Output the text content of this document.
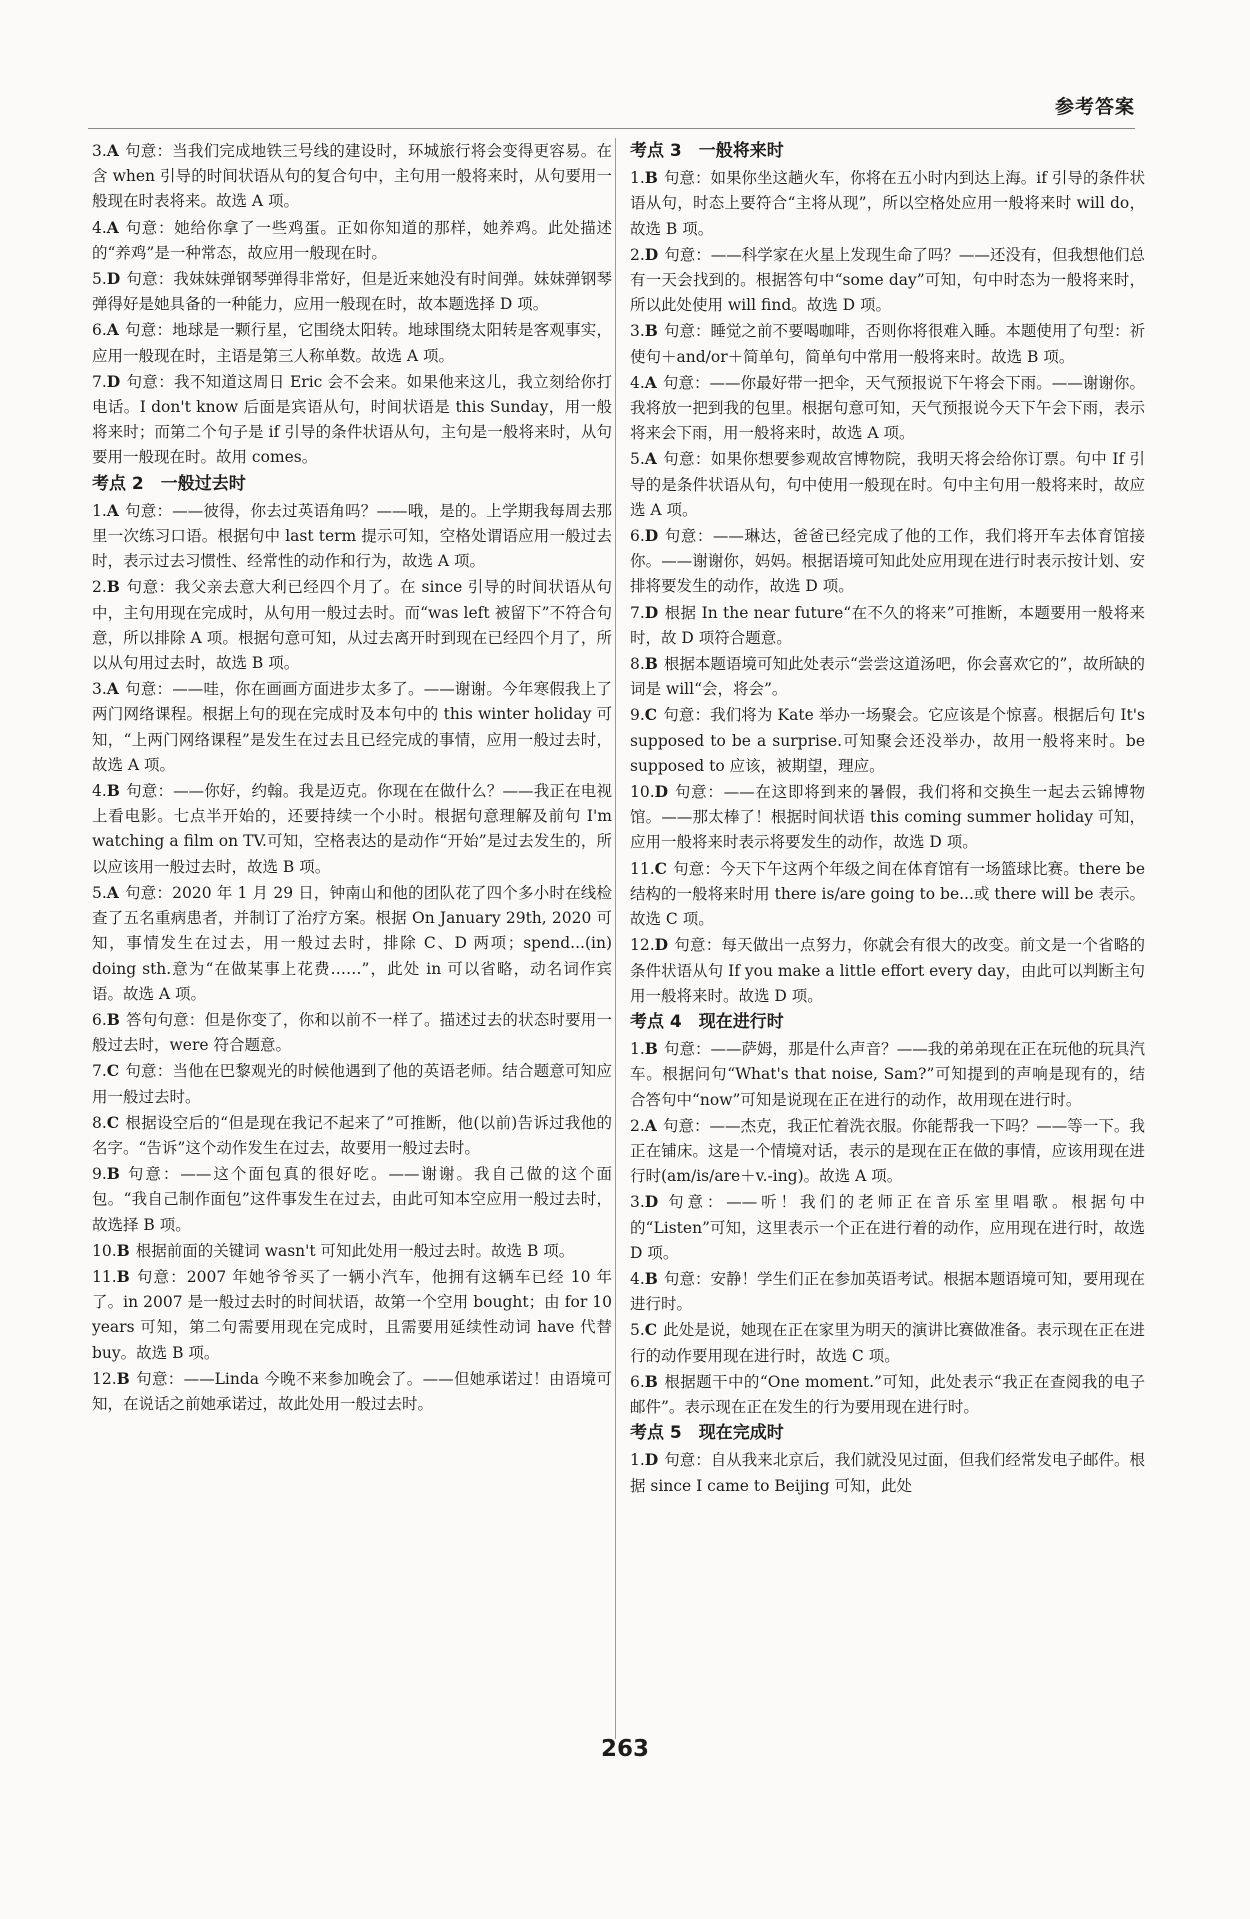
参考答案
3.A 句意：当我们完成地铁三号线的建设时，环城旅行将会变得更容易。在含 when 引导的时间状语从句的复合句中，主句用一般将来时，从句要用一般现在时表将来。故选 A 项。
4.A 句意：她给你拿了一些鸡蛋。正如你知道的那样，她养鸡。此处描述的“养鸡”是一种常态，故应用一般现在时。
5.D 句意：我妹妹弹钢琴弹得非常好，但是近来她没有时间弹。妹妹弹钢琴弹得好是她具备的一种能力，应用一般现在时，故本题选择 D 项。
6.A 句意：地球是一颗行星，它围绕太阳转。地球围绕太阳转是客观事实，应用一般现在时，主语是第三人称单数。故选 A 项。
7.D 句意：我不知道这周日 Eric 会不会来。如果他来这儿，我立刻给你打电话。I don't know 后面是宾语从句，时间状语是 this Sunday，用一般将来时；而第二个句子是 if 引导的条件状语从句，主句是一般将来时，从句要用一般现在时。故用 comes。
考点 2　一般过去时
1.A 句意：——彼得，你去过英语角吗？——哦，是的。上学期我每周去那里一次练习口语。根据句中 last term 提示可知，空格处谓语应用一般过去时，表示过去习惯性、经常性的动作和行为，故选 A 项。
2.B 句意：我父亲去意大利已经四个月了。在 since 引导的时间状语从句中，主句用现在完成时，从句用一般过去时。而“was left 被留下”不符合句意，所以排除 A 项。根据句意可知，从过去离开时到现在已经四个月了，所以从句用过去时，故选 B 项。
3.A 句意：——哇，你在画画方面进步太多了。——谢谢。今年寒假我上了两门网络课程。根据上句的现在完成时及本句中的 this winter holiday 可知，“上两门网络课程”是发生在过去且已经完成的事情，应用一般过去时，故选 A 项。
4.B 句意：——你好，约翰。我是迈克。你现在在做什么？——我正在电视上看电影。七点半开始的，还要持续一个小时。根据句意理解及前句 I'm watching a film on TV.可知，空格表达的是动作“开始”是过去发生的，所以应该用一般过去时，故选 B 项。
5.A 句意：2020 年 1 月 29 日，钟南山和他的团队花了四个多小时在线检查了五名重病患者，并制订了治疗方案。根据 On January 29th, 2020 可知，事情发生在过去，用一般过去时，排除 C、D 两项；spend...(in) doing sth.意为“在做某事上花费……”，此处 in 可以省略，动名词作宾语。故选 A 项。
6.B 答句句意：但是你变了，你和以前不一样了。描述过去的状态时要用一般过去时，were 符合题意。
7.C 句意：当他在巴黎观光的时候他遇到了他的英语老师。结合题意可知应用一般过去时。
8.C 根据设空后的“但是现在我记不起来了”可推断，他(以前)告诉过我他的名字。“告诉”这个动作发生在过去，故要用一般过去时。
9.B 句意：——这个面包真的很好吃。——谢谢。我自己做的这个面包。“我自己制作面包”这件事发生在过去，由此可知本空应用一般过去时，故选择 B 项。
10.B 根据前面的关键词 wasn't 可知此处用一般过去时。故选 B 项。
11.B 句意：2007 年她爷爷买了一辆小汽车，他拥有这辆车已经 10 年了。in 2007 是一般过去时的时间状语，故第一个空用 bought；由 for 10 years 可知，第二句需要用现在完成时，且需要用延续性动词 have 代替 buy。故选 B 项。
12.B 句意：——Linda 今晚不来参加晚会了。——但她承诺过！由语境可知，在说话之前她承诺过，故此处用一般过去时。
考点 3　一般将来时
1.B 句意：如果你坐这趟火车，你将在五小时内到达上海。if 引导的条件状语从句，时态上要符合“主将从现”，所以空格处应用一般将来时 will do，故选 B 项。
2.D 句意：——科学家在火星上发现生命了吗？——还没有，但我想他们总有一天会找到的。根据答句中“some day”可知，句中时态为一般将来时，所以此处使用 will find。故选 D 项。
3.B 句意：睡觉之前不要喝咖啡，否则你将很难入睡。本题使用了句型：祈使句＋and/or＋简单句，简单句中常用一般将来时。故选 B 项。
4.A 句意：——你最好带一把伞，天气预报说下午将会下雨。——谢谢你。我将放一把到我的包里。根据句意可知，天气预报说今天下午会下雨，表示将来会下雨，用一般将来时，故选 A 项。
5.A 句意：如果你想要参观故宫博物院，我明天将会给你订票。句中 If 引导的是条件状语从句，句中使用一般现在时。句中主句用一般将来时，故应选 A 项。
6.D 句意：——琳达，爸爸已经完成了他的工作，我们将开车去体育馆接你。——谢谢你，妈妈。根据语境可知此处应用现在进行时表示按计划、安排将要发生的动作，故选 D 项。
7.D 根据 In the near future“在不久的将来”可推断，本题要用一般将来时，故 D 项符合题意。
8.B 根据本题语境可知此处表示“尝尝这道汤吧，你会喜欢它的”，故所缺的词是 will“会，将会”。
9.C 句意：我们将为 Kate 举办一场聚会。它应该是个惊喜。根据后句 It's supposed to be a surprise.可知聚会还没举办，故用一般将来时。be supposed to 应该，被期望，理应。
10.D 句意：——在这即将到来的暑假，我们将和交换生一起去云锦博物馆。——那太棒了！根据时间状语 this coming summer holiday 可知，应用一般将来时表示将要发生的动作，故选 D 项。
11.C 句意：今天下午这两个年级之间在体育馆有一场篮球比赛。there be 结构的一般将来时用 there is/are going to be...或 there will be 表示。故选 C 项。
12.D 句意：每天做出一点努力，你就会有很大的改变。前文是一个省略的条件状语从句 If you make a little effort every day，由此可以判断主句用一般将来时。故选 D 项。
考点 4　现在进行时
1.B 句意：——萨姆，那是什么声音？——我的弟弟现在正在玩他的玩具汽车。根据问句“What's that noise, Sam?”可知提到的声响是现有的，结合答句中“now”可知是说现在正在进行的动作，故用现在进行时。
2.A 句意：——杰克，我正忙着洗衣服。你能帮我一下吗？——等一下。我正在铺床。这是一个情境对话，表示的是现在正在做的事情，应该用现在进行时(am/is/are＋v.-ing)。故选 A 项。
3.D 句意：——听！我们的老师正在音乐室里唱歌。根据句中的“Listen”可知，这里表示一个正在进行着的动作，应用现在进行时，故选 D 项。
4.B 句意：安静！学生们正在参加英语考试。根据本题语境可知，要用现在进行时。
5.C 此处是说，她现在正在家里为明天的演讲比赛做准备。表示现在正在进行的动作要用现在进行时，故选 C 项。
6.B 根据题干中的“One moment.”可知，此处表示“我正在查阅我的电子邮件”。表示现在正在发生的行为要用现在进行时。
考点 5　现在完成时
1.D 句意：自从我来北京后，我们就没见过面，但我们经常发电子邮件。根据 since I came to Beijing 可知，此处
263
